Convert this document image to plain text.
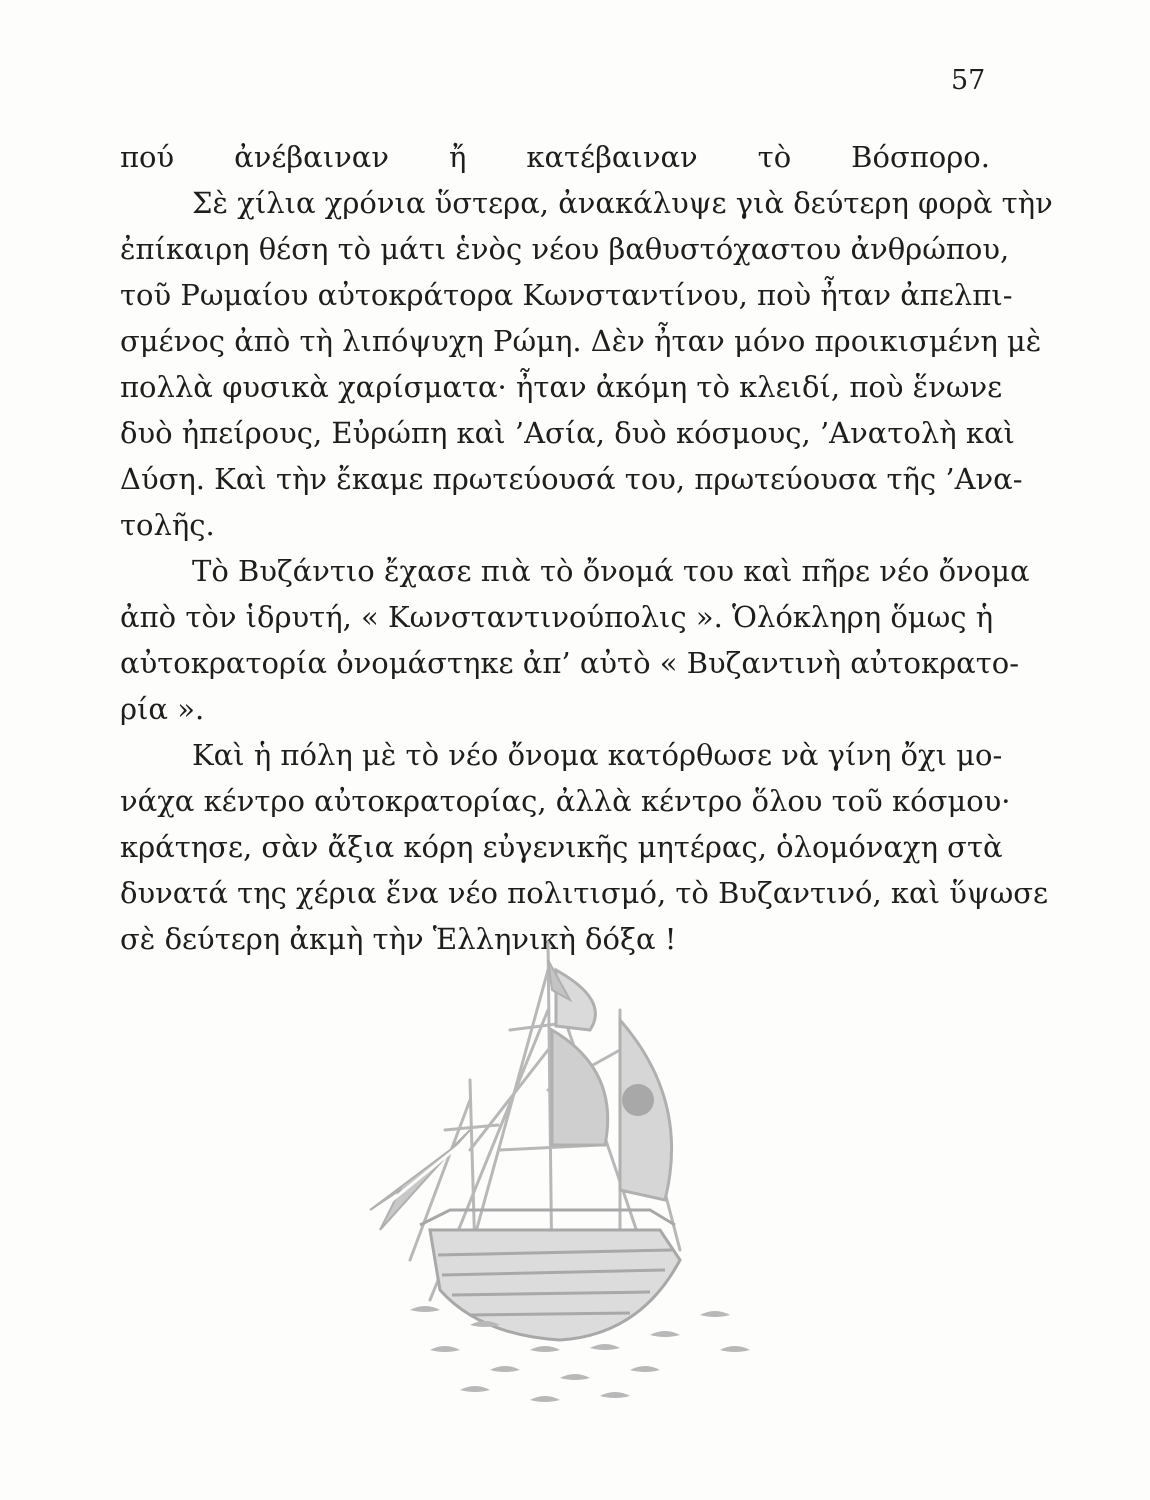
57
πού ἀνέβαιναν ἤ κατέβαιναν τὸ Βόσπορο.
Σὲ χίλια χρόνια ὕστερα, ἀνακάλυψε γιὰ δεύτερη φορὰ τὴν
ἐπίκαιρη θέση τὸ μάτι ἑνὸς νέου βαθυστόχαστου ἀνθρώπου,
τοῦ Ρωμαίου αὐτοκράτορα Κωνσταντίνου, ποὺ ἦταν ἀπελπι-
σμένος ἀπὸ τὴ λιπόψυχη Ρώμη. Δὲν ἦταν μόνο προικισμένη μὲ
πολλὰ φυσικὰ χαρίσματα· ἦταν ἀκόμη τὸ κλειδί, ποὺ ἕνωνε
δυὸ ἠπείρους, Εὐρώπη καὶ ’Ασία, δυὸ κόσμους, ’Ανατολὴ καὶ
Δύση. Καὶ τὴν ἔκαμε πρωτεύουσά του, πρωτεύουσα τῆς ’Ανα-
τολῆς.
Τὸ Βυζάντιο ἔχασε πιὰ τὸ ὄνομά του καὶ πῆρε νέο ὄνομα
ἀπὸ τὸν ἱδρυτή, « Κωνσταντινούπολις ». Ὁλόκληρη ὅμως ἡ
αὐτοκρατορία ὀνομάστηκε ἀπ’ αὐτὸ « Βυζαντινὴ αὐτοκρατο-
ρία ».
Καὶ ἡ πόλη μὲ τὸ νέο ὄνομα κατόρθωσε νὰ γίνη ὄχι μο-
νάχα κέντρο αὐτοκρατορίας, ἀλλὰ κέντρο ὅλου τοῦ κόσμου·
κράτησε, σὰν ἄξια κόρη εὐγενικῆς μητέρας, ὁλομόναχη στὰ
δυνατά της χέρια ἕνα νέο πολιτισμό, τὸ Βυζαντινό, καὶ ὕψωσε
σὲ δεύτερη ἀκμὴ τὴν Ἑλληνικὴ δόξα !
